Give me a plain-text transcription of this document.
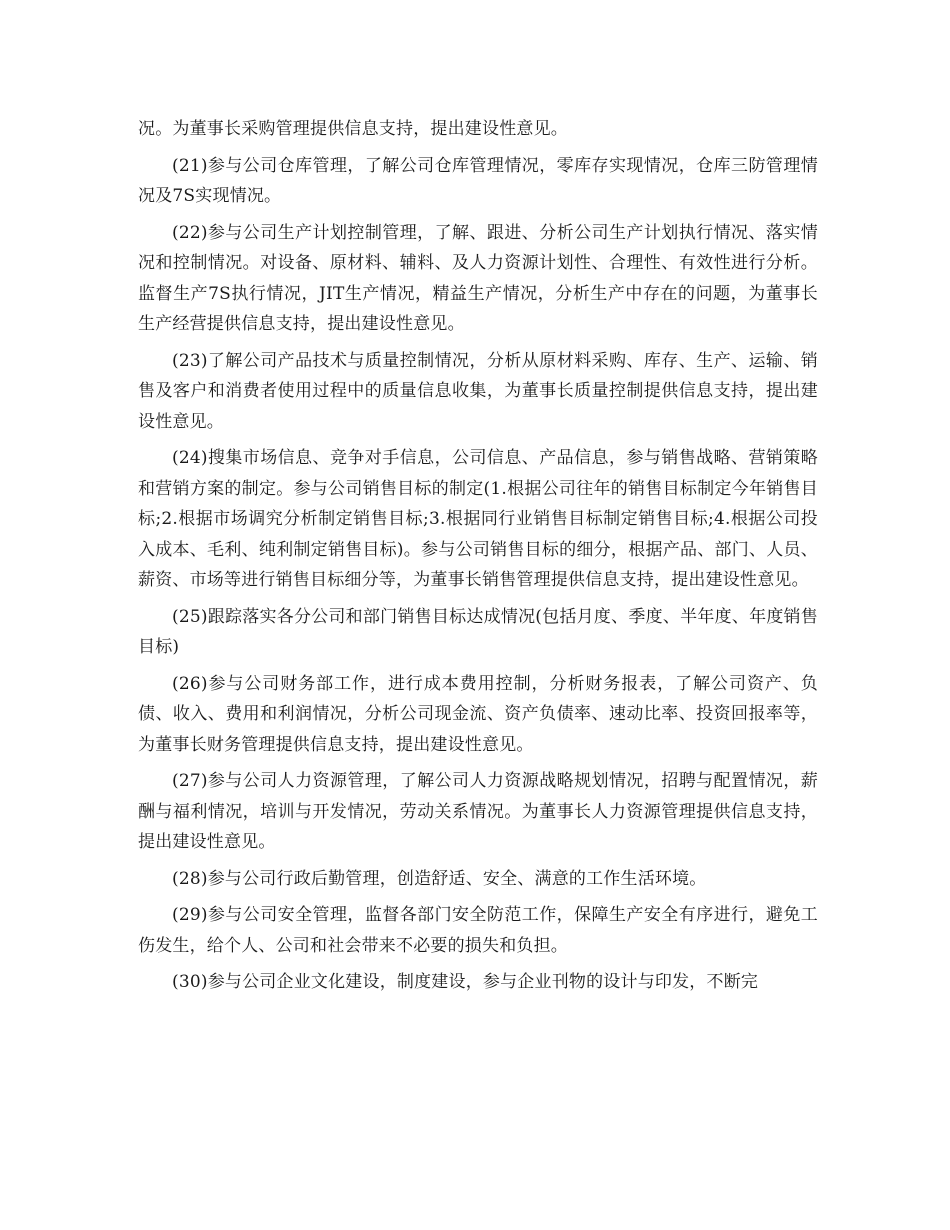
况。为董事长采购管理提供信息支持，提出建设性意见。

(21)参与公司仓库管理，了解公司仓库管理情况，零库存实现情况，仓库三防管理情况及7S实现情况。

(22)参与公司生产计划控制管理，了解、跟进、分析公司生产计划执行情况、落实情况和控制情况。对设备、原材料、辅料、及人力资源计划性、合理性、有效性进行分析。监督生产7S执行情况，JIT生产情况，精益生产情况，分析生产中存在的问题，为董事长生产经营提供信息支持，提出建设性意见。

(23)了解公司产品技术与质量控制情况，分析从原材料采购、库存、生产、运输、销售及客户和消费者使用过程中的质量信息收集，为董事长质量控制提供信息支持，提出建设性意见。

(24)搜集市场信息、竞争对手信息，公司信息、产品信息，参与销售战略、营销策略和营销方案的制定。参与公司销售目标的制定(1.根据公司往年的销售目标制定今年销售目标;2.根据市场调究分析制定销售目标;3.根据同行业销售目标制定销售目标;4.根据公司投入成本、毛利、纯利制定销售目标)。参与公司销售目标的细分，根据产品、部门、人员、薪资、市场等进行销售目标细分等，为董事长销售管理提供信息支持，提出建设性意见。

(25)跟踪落实各分公司和部门销售目标达成情况(包括月度、季度、半年度、年度销售目标)

(26)参与公司财务部工作，进行成本费用控制，分析财务报表，了解公司资产、负债、收入、费用和利润情况，分析公司现金流、资产负债率、速动比率、投资回报率等，为董事长财务管理提供信息支持，提出建设性意见。

(27)参与公司人力资源管理，了解公司人力资源战略规划情况，招聘与配置情况，薪酬与福利情况，培训与开发情况，劳动关系情况。为董事长人力资源管理提供信息支持，提出建设性意见。

(28)参与公司行政后勤管理，创造舒适、安全、满意的工作生活环境。

(29)参与公司安全管理，监督各部门安全防范工作，保障生产安全有序进行，避免工伤发生，给个人、公司和社会带来不必要的损失和负担。

(30)参与公司企业文化建设，制度建设，参与企业刊物的设计与印发，不断完
